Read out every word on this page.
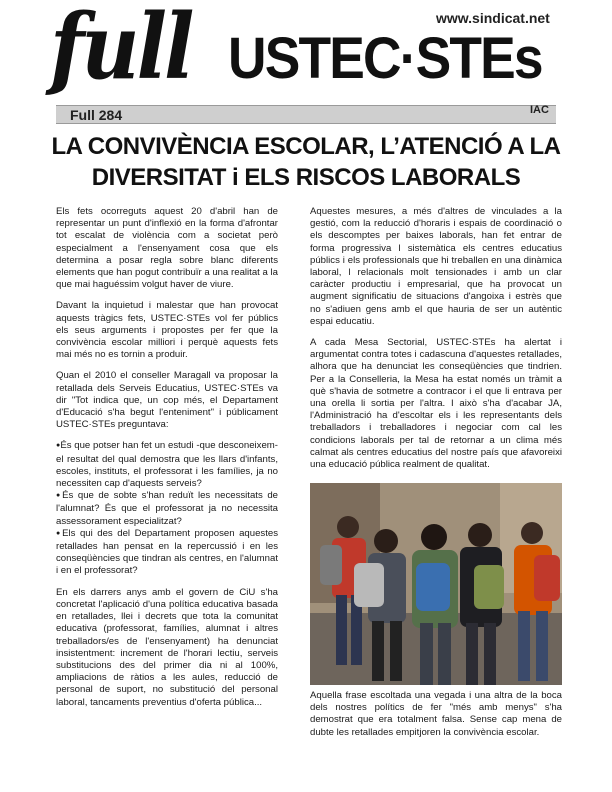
full USTEC·STEs
www.sindicat.net
Full 284	IAC
LA CONVIVÈNCIA ESCOLAR, L’ATENCIÓ A LA
DIVERSITAT i ELS RISCOS LABORALS

Els fets ocorreguts aquest 20 d'abril han de representar un punt d'inflexió en la forma d'afrontar tot escalat de violència com a societat però especialment a l'ensenyament cosa que els determina a posar regla sobre blanc diferents elements que han pogut contribuïr a una realitat a la que mai haguéssim volgut haver de viure.

Davant la inquietud i malestar que han provocat aquests tràgics fets, USTEC·STEs vol fer públics els seus arguments i propostes per fer que la convivència escolar milliori i perquè aquests fets mai més no es tornin a produir.

Quan el 2010 el conseller Maragall va proposar la retallada dels Serveis Educatius, USTEC·STEs va dir "Tot indica que, un cop més, el Departament d'Educació s'ha begut l'enteniment" i públicament USTEC·STEs preguntava:

● És que potser han fet un estudi -que desconeixem- el resultat del qual demostra que les llars d'infants, escoles, instituts, el professorat i les famílies, ja no necessiten cap d'aquests serveis?
● És que de sobte s'han reduït les necessitats de l'alumnat? És que el professorat ja no necessita assessorament especialitzat?
● Els qui des del Departament proposen aquestes retallades han pensat en la repercussió i en les conseqüències que tindran als centres, en l'alumnat i en el professorat?

En els darrers anys amb el govern de CiU s'ha concretat l'aplicació d'una política educativa basada en retallades, llei i decrets que tota la comunitat educativa (professorat, famílies, alumnat i altres treballadors/es de l'ensenyament) ha denunciat insistentment: increment de l'horari lectiu, serveis substitucions des del primer dia ni al 100%, ampliacions de ràtios a les aules, reducció de personal de suport, no substitució del personal laboral, tancaments preventius d'oferta pública...

Aquestes mesures, a més d'altres de vinculades a la gestió, com la reducció d'horaris i espais de coordinació o els descomptes per baixes laborals, han fet entrar de forma progressiva l sistemàtica els centres educatius públics i els professionals que hi treballen en una dinàmica laboral, l relacionals molt tensionades i amb un clar caràcter productiu i empresarial, que ha provocat un augment significatiu de situacions d'angoixa i estrès que no s'adiuen gens amb el que hauria de ser un autèntic espai educatiu.

A cada Mesa Sectorial, USTEC·STEs ha alertat i argumentat contra totes i cadascuna d'aquestes retallades, alhora que ha denunciat les conseqüències que tindrien. Per a la Conselleria, la Mesa ha estat només un tràmit a què s'havia de sotmetre a contracor i el que li entrava per una orella li sortia per l'altra. I això s'ha d'acabar JA, l'Administració ha d'escoltar els i les representants dels treballadors i treballadores i negociar com cal les condicions laborals per tal de retornar a un clima més calmat als centres educatius del nostre país que afavoreixi una educació pública realment de qualitat.

Aquella frase escoltada una vegada i una altra de la boca dels nostres polítics de fer "més amb menys" s'ha demostrat que era totalment falsa. Sense cap mena de dubte les retallades empitjoren la convivència escolar.
